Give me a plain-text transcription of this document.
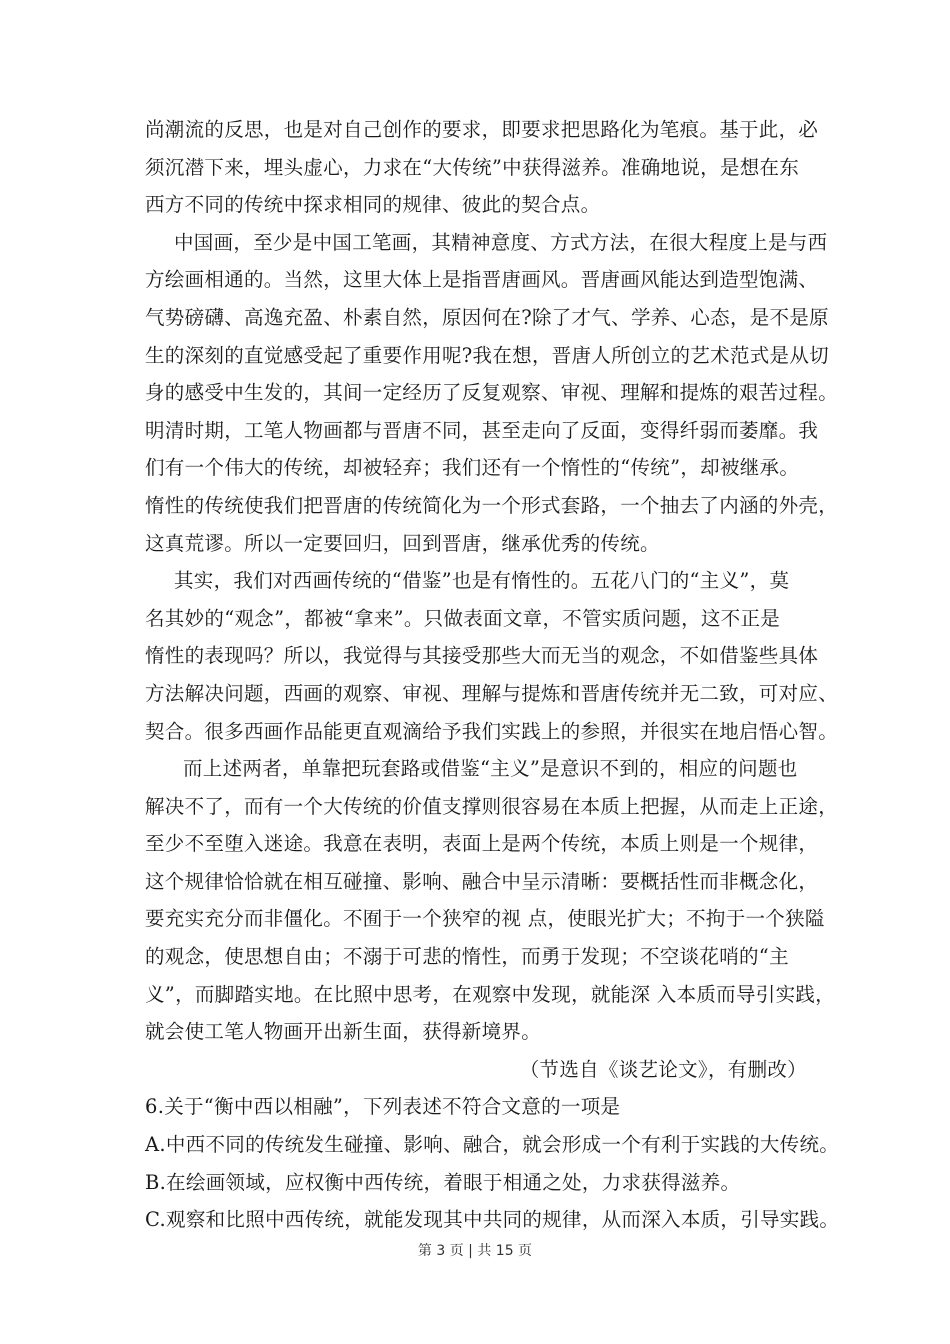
尚潮流的反思，也是对自己创作的要求，即要求把思路化为笔痕。基于此，必
须沉潜下来，埋头虚心，力求在“大传统”中获得滋养。准确地说，是想在东
西方不同的传统中探求相同的规律、彼此的契合点。
中国画，至少是中国工笔画，其精神意度、方式方法，在很大程度上是与西
方绘画相通的。当然，这里大体上是指晋唐画风。晋唐画风能达到造型饱满、
气势磅礴、高逸充盈、朴素自然，原因何在?除了才气、学养、心态，是不是原
生的深刻的直觉感受起了重要作用呢?我在想，晋唐人所创立的艺术范式是从切
身的感受中生发的，其间一定经历了反复观察、审视、理解和提炼的艰苦过程。
明清时期，工笔人物画都与晋唐不同，甚至走向了反面，变得纤弱而萎靡。我
们有一个伟大的传统，却被轻弃；我们还有一个惰性的“传统”，却被继承。
惰性的传统使我们把晋唐的传统简化为一个形式套路，一个抽去了内涵的外壳，
这真荒谬。所以一定要回归，回到晋唐，继承优秀的传统。
其实，我们对西画传统的“借鉴”也是有惰性的。五花八门的“主义”，莫
名其妙的“观念”，都被“拿来”。只做表面文章，不管实质问题，这不正是
惰性的表现吗？所以，我觉得与其接受那些大而无当的观念，不如借鉴些具体
方法解决问题，西画的观察、审视、理解与提炼和晋唐传统并无二致，可对应、
契合。很多西画作品能更直观滴给予我们实践上的参照，并很实在地启悟心智。
而上述两者，单靠把玩套路或借鉴“主义”是意识不到的，相应的问题也
解决不了，而有一个大传统的价值支撑则很容易在本质上把握，从而走上正途，
至少不至堕入迷途。我意在表明，表面上是两个传统，本质上则是一个规律，
这个规律恰恰就在相互碰撞、影响、融合中呈示清晰：要概括性而非概念化，
要充实充分而非僵化。不囿于一个狭窄的视 点，使眼光扩大；不拘于一个狭隘
的观念，使思想自由；不溺于可悲的惰性，而勇于发现；不空谈花哨的“主
义”，而脚踏实地。在比照中思考，在观察中发现，就能深 入本质而导引实践，
就会使工笔人物画开出新生面，获得新境界。
（节选自《谈艺论文》，有删改）
6.关于“衡中西以相融”，下列表述不符合文意的一项是
A.中西不同的传统发生碰撞、影响、融合，就会形成一个有利于实践的大传统。
B.在绘画领域，应权衡中西传统，着眼于相通之处，力求获得滋养。
C.观察和比照中西传统，就能发现其中共同的规律，从而深入本质，引导实践。
第 3 页 | 共 15 页
